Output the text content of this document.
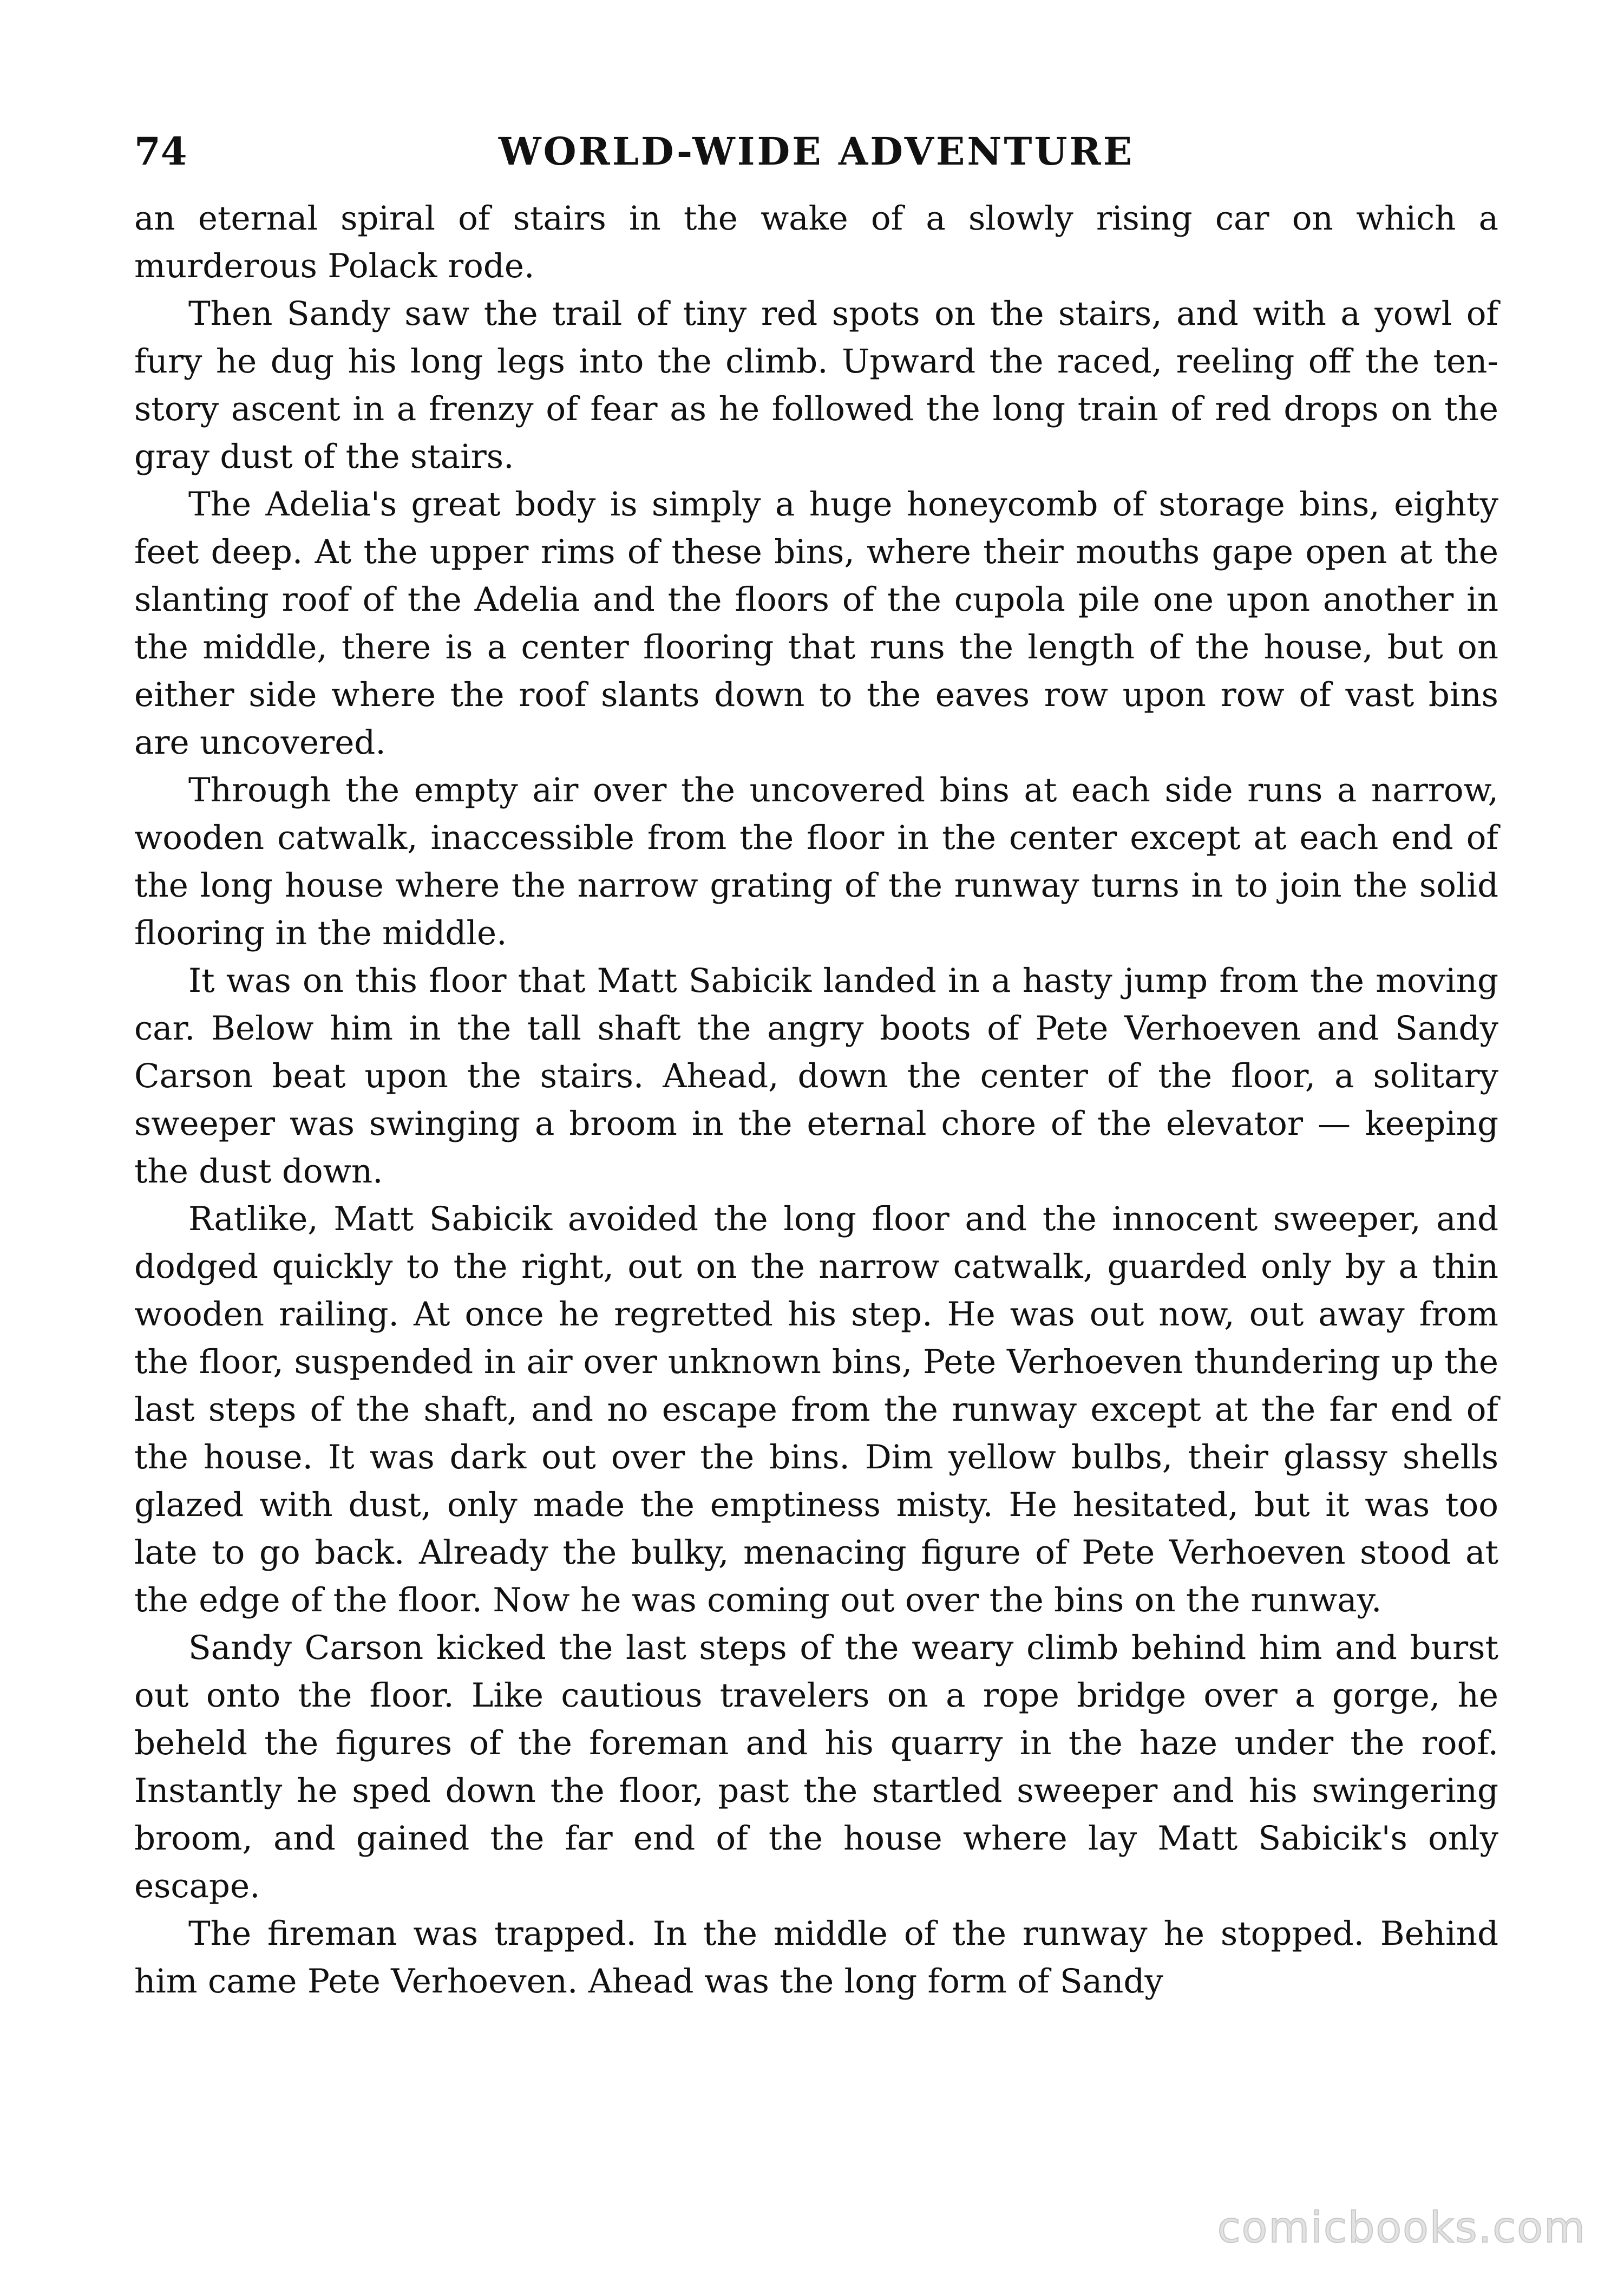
74	WORLD-WIDE ADVENTURE

an eternal spiral of stairs in the wake of a slowly rising car on which a murderous Polack rode.

Then Sandy saw the trail of tiny red spots on the stairs, and with a yowl of fury he dug his long legs into the climb. Upward the raced, reeling off the ten-story ascent in a frenzy of fear as he followed the long train of red drops on the gray dust of the stairs.

The Adelia's great body is simply a huge honeycomb of storage bins, eighty feet deep. At the upper rims of these bins, where their mouths gape open at the slanting roof of the Adelia and the floors of the cupola pile one upon another in the middle, there is a center flooring that runs the length of the house, but on either side where the roof slants down to the eaves row upon row of vast bins are uncovered.

Through the empty air over the uncovered bins at each side runs a narrow, wooden catwalk, inaccessible from the floor in the center except at each end of the long house where the narrow grating of the runway turns in to join the solid flooring in the middle.

It was on this floor that Matt Sabicik landed in a hasty jump from the moving car. Below him in the tall shaft the angry boots of Pete Verhoeven and Sandy Carson beat upon the stairs. Ahead, down the center of the floor, a solitary sweeper was swinging a broom in the eternal chore of the elevator — keeping the dust down.

Ratlike, Matt Sabicik avoided the long floor and the innocent sweeper, and dodged quickly to the right, out on the narrow catwalk, guarded only by a thin wooden railing. At once he regretted his step. He was out now, out away from the floor, suspended in air over unknown bins, Pete Verhoeven thundering up the last steps of the shaft, and no escape from the runway except at the far end of the house. It was dark out over the bins. Dim yellow bulbs, their glassy shells glazed with dust, only made the emptiness misty. He hesitated, but it was too late to go back. Already the bulky, menacing figure of Pete Verhoeven stood at the edge of the floor. Now he was coming out over the bins on the runway.

Sandy Carson kicked the last steps of the weary climb behind him and burst out onto the floor. Like cautious travelers on a rope bridge over a gorge, he beheld the figures of the foreman and his quarry in the haze under the roof. Instantly he sped down the floor, past the startled sweeper and his swingering broom, and gained the far end of the house where lay Matt Sabicik's only escape.

The fireman was trapped. In the middle of the runway he stopped. Behind him came Pete Verhoeven. Ahead was the long form of Sandy

comicbooks.com
